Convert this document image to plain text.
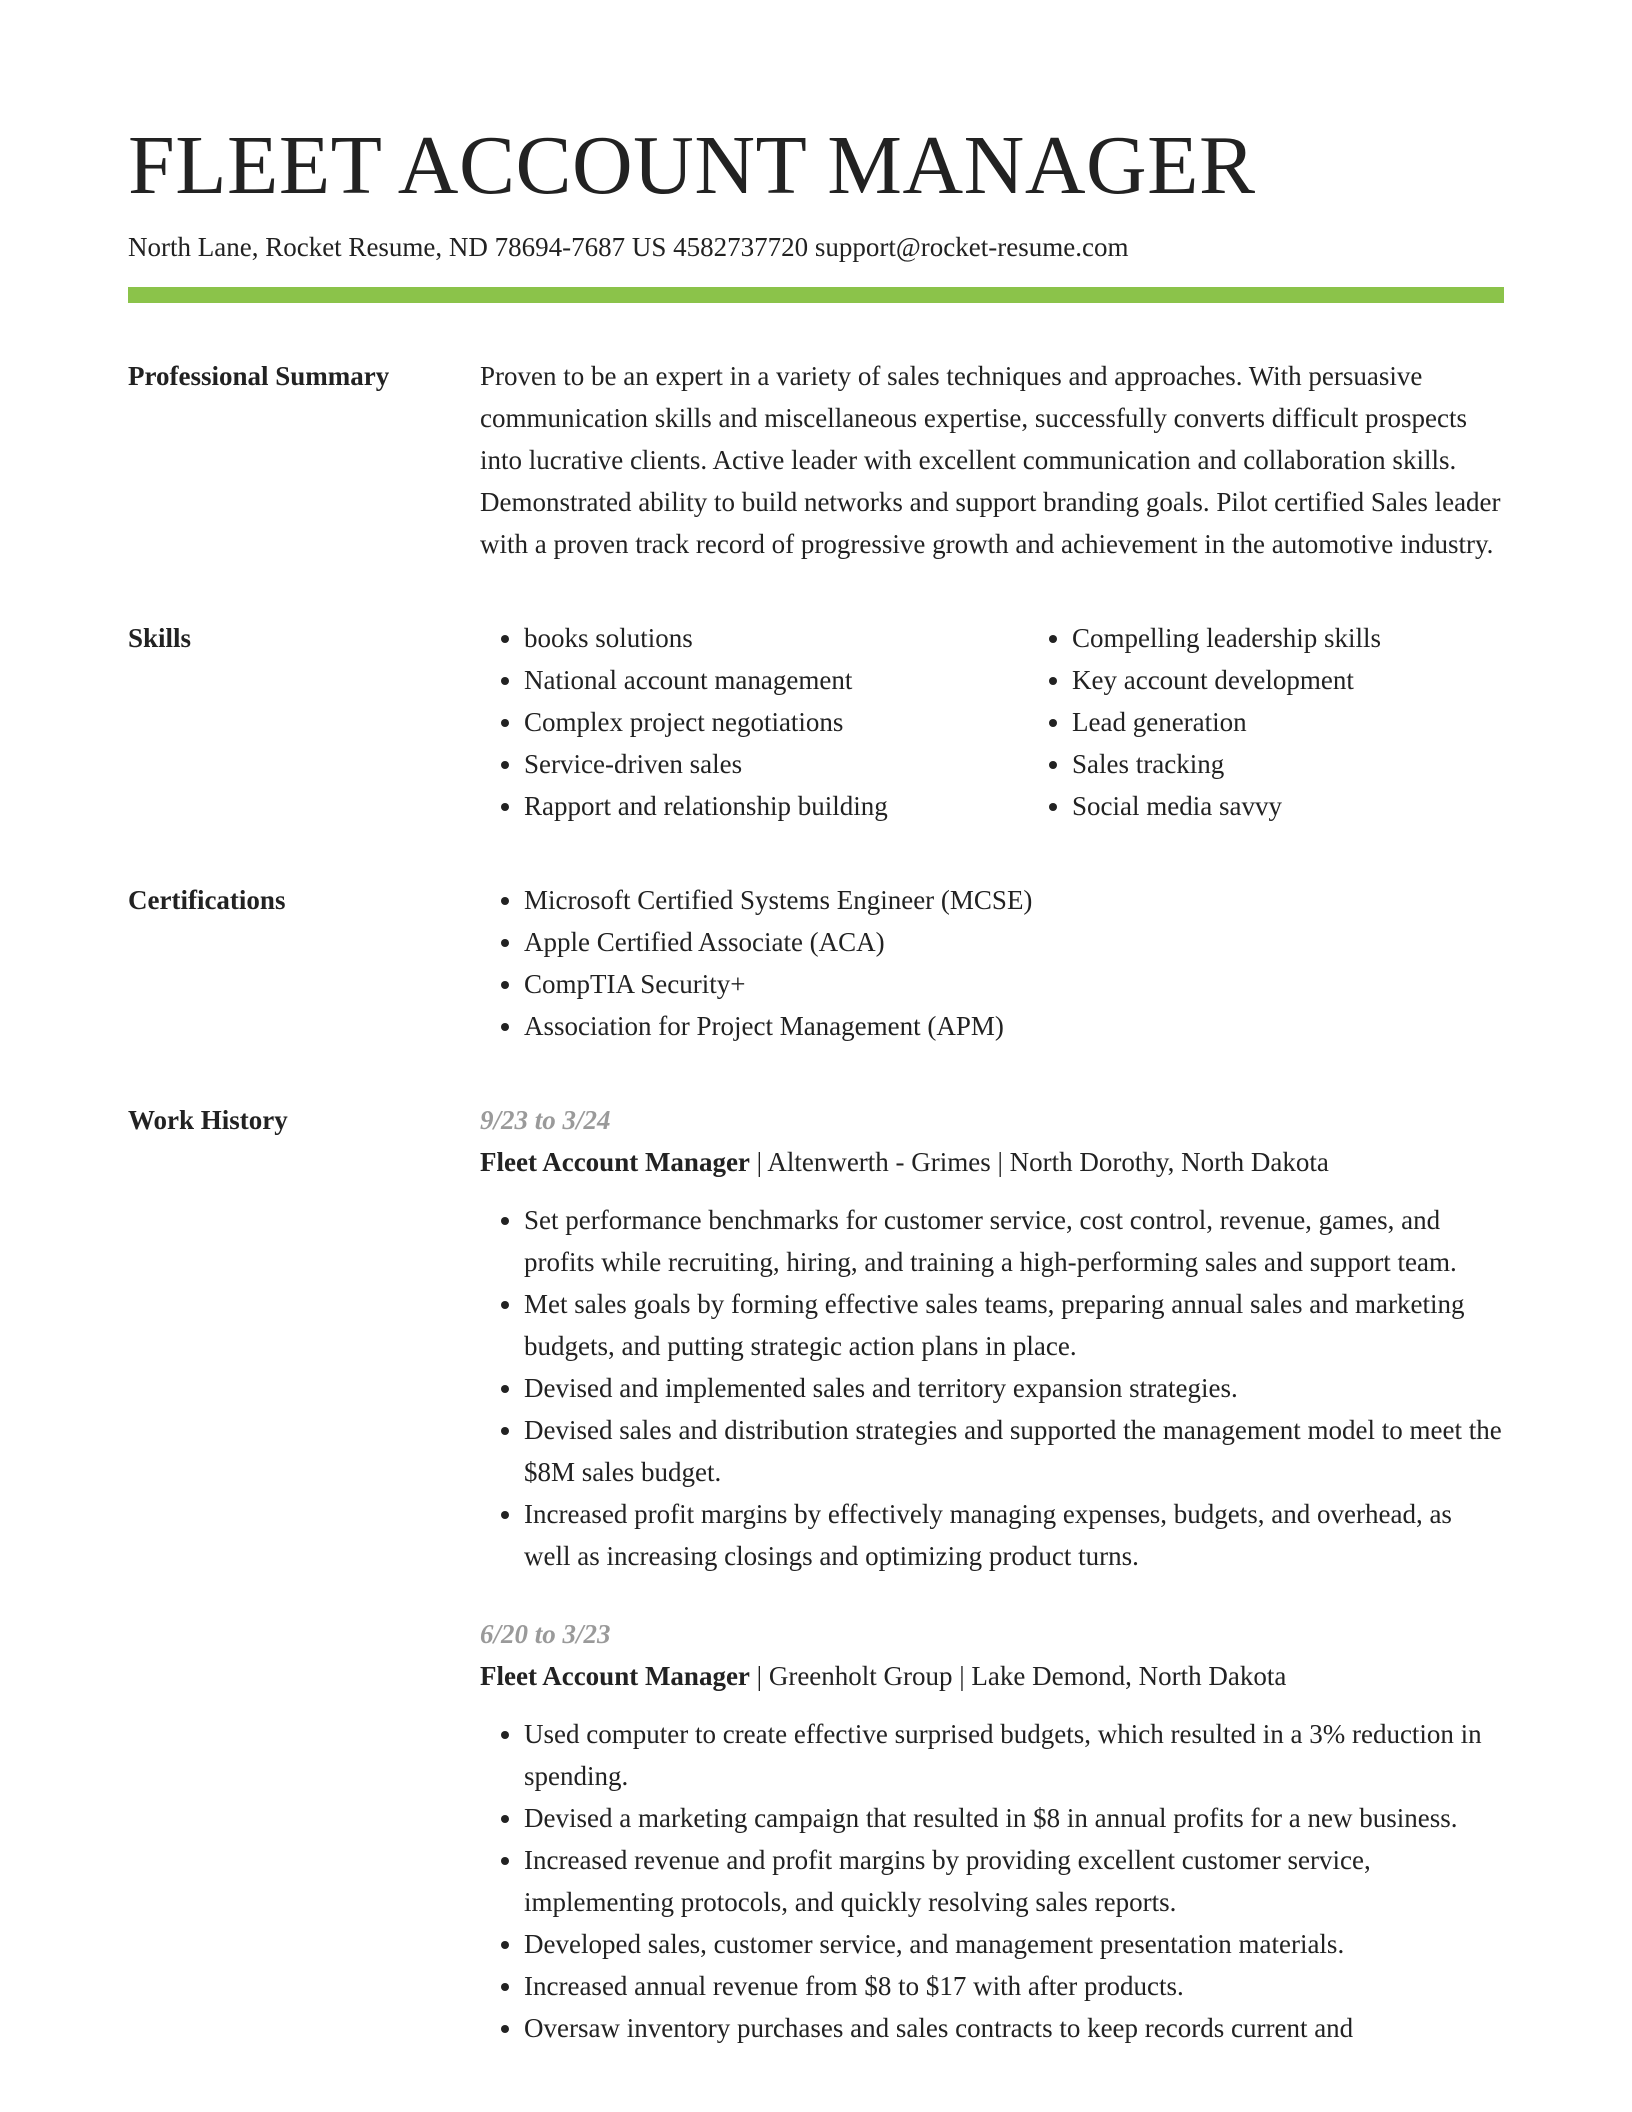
FLEET ACCOUNT MANAGER
North Lane, Rocket Resume, ND 78694-7687 US 4582737720 support@rocket-resume.com
Professional Summary	Proven to be an expert in a variety of sales techniques and approaches. With persuasive communication skills and miscellaneous expertise, successfully converts difficult prospects into lucrative clients. Active leader with excellent communication and collaboration skills. Demonstrated ability to build networks and support branding goals. Pilot certified Sales leader with a proven track record of progressive growth and achievement in the automotive industry.

Skills	• books solutions
• National account management
• Complex project negotiations
• Service-driven sales
• Rapport and relationship building
• Compelling leadership skills
• Key account development
• Lead generation
• Sales tracking
• Social media savvy
Certifications	• Microsoft Certified Systems Engineer (MCSE)
• Apple Certified Associate (ACA)
• CompTIA Security+
• Association for Project Management (APM)
Work History	9/23 to 3/24
Fleet Account Manager | Altenwerth - Grimes | North Dorothy, North Dakota
• Set performance benchmarks for customer service, cost control, revenue, games, and profits while recruiting, hiring, and training a high-performing sales and support team.
• Met sales goals by forming effective sales teams, preparing annual sales and marketing budgets, and putting strategic action plans in place.
• Devised and implemented sales and territory expansion strategies.
• Devised sales and distribution strategies and supported the management model to meet the $8M sales budget.
• Increased profit margins by effectively managing expenses, budgets, and overhead, as well as increasing closings and optimizing product turns.
6/20 to 3/23
Fleet Account Manager | Greenholt Group | Lake Demond, North Dakota
• Used computer to create effective surprised budgets, which resulted in a 3% reduction in spending.
• Devised a marketing campaign that resulted in $8 in annual profits for a new business.
• Increased revenue and profit margins by providing excellent customer service, implementing protocols, and quickly resolving sales reports.
• Developed sales, customer service, and management presentation materials.
• Increased annual revenue from $8 to $17 with after products.
• Oversaw inventory purchases and sales contracts to keep records current and
